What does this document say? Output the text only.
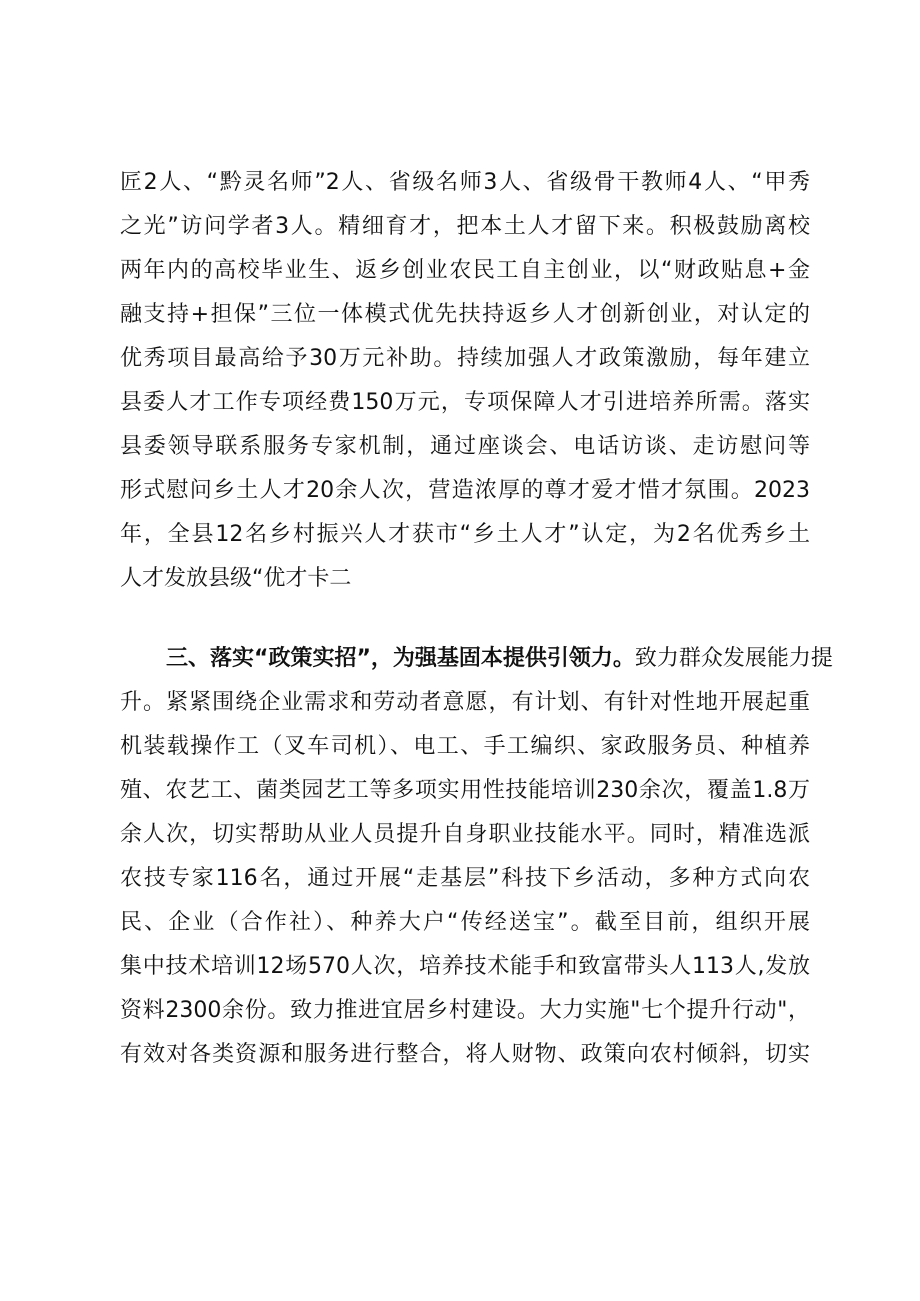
匠2人、“黔灵名师”2人、省级名师3人、省级骨干教师4人、“甲秀
之光”访问学者3人。精细育才，把本土人才留下来。积极鼓励离校
两年内的高校毕业生、返乡创业农民工自主创业，以“财政贴息+金
融支持+担保”三位一体模式优先扶持返乡人才创新创业，对认定的
优秀项目最高给予30万元补助。持续加强人才政策激励，每年建立
县委人才工作专项经费150万元，专项保障人才引进培养所需。落实
县委领导联系服务专家机制，通过座谈会、电话访谈、走访慰问等
形式慰问乡土人才20余人次，营造浓厚的尊才爱才惜才氛围。2023
年，全县12名乡村振兴人才获市“乡土人才”认定，为2名优秀乡土
人才发放县级“优才卡二
三、落实“政策实招”，为强基固本提供引领力。致力群众发展能力提
升。紧紧围绕企业需求和劳动者意愿，有计划、有针对性地开展起重
机装载操作工（叉车司机）、电工、手工编织、家政服务员、种植养
殖、农艺工、菌类园艺工等多项实用性技能培训230余次，覆盖1.8万
余人次，切实帮助从业人员提升自身职业技能水平。同时，精准选派
农技专家116名，通过开展“走基层”科技下乡活动，多种方式向农
民、企业（合作社）、种养大户“传经送宝”。截至目前，组织开展
集中技术培训12场570人次，培养技术能手和致富带头人113人,发放
资料2300余份。致力推进宜居乡村建设。大力实施"七个提升行动"，
有效对各类资源和服务进行整合，将人财物、政策向农村倾斜，切实
